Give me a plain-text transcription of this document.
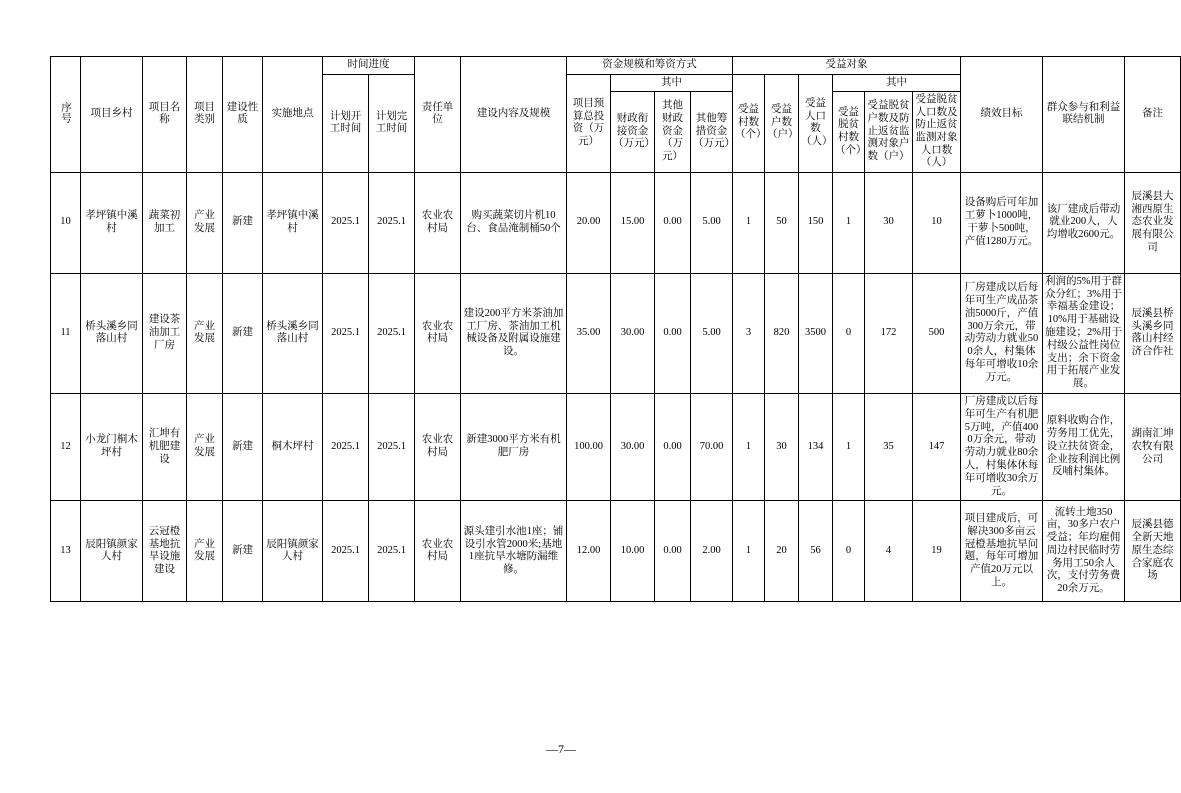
序号	项目乡村	项目名称	项目类别	建设性质	实施地点	时间进度		责任单位	建设内容及规模	资金规模和筹资方式				受益对象						绩效目标	群众参与和利益联结机制	备注
						计划开工时间	计划完工时间			项目预算总投资（万元）	其中			受益村数（个）	受益户数（户）	受益人口数（人）	其中					
											财政衔接资金（万元）	其他财政资金（万元）	其他筹措资金（万元）				受益脱贫村数（个）	受益脱贫户数及防止返贫监测对象户数（户）	受益脱贫人口数及防止返贫监测对象人口数（人）			
10	孝坪镇中溪村	蔬菜初加工	产业发展	新建	孝坪镇中溪村	2025.1	2025.1	农业农村局	购买蔬菜切片机10台、食品淹制桶50个	20.00	15.00	0.00	5.00	1	50	150	1	30	10	设备购后可年加工萝卜1000吨，干萝卜500吨，产值1280万元。	该厂建成后带动就业200人，人均增收2600元。	辰溪县大湘西原生态农业发展有限公司
11	桥头溪乡同落山村	建设茶油加工厂房	产业发展	新建	桥头溪乡同落山村	2025.1	2025.1	农业农村局	建设200平方米茶油加工厂房、茶油加工机械设备及附属设施建设。	35.00	30.00	0.00	5.00	3	820	3500	0	172	500	厂房建成以后每年可生产成品茶油5000斤，产值300万余元，带动劳动力就业500余人，村集体每年可增收10余万元。	利润的5%用于群众分红；3%用于幸福基金建设；10%用于基础设施建设；2%用于村级公益性岗位支出；余下资金用于拓展产业发展。	辰溪县桥头溪乡同落山村经济合作社
12	小龙门桐木坪村	汇坤有机肥建设	产业发展	新建	桐木坪村	2025.1	2025.1	农业农村局	新建3000平方米有机肥厂房	100.00	30.00	0.00	70.00	1	30	134	1	35	147	厂房建成以后每年可生产有机肥5万吨，产值4000万余元，带动劳动力就业80余人，村集体休每年可增收30余万元。	原料收购合作，劳务用工优先，设立扶贫资金，企业按利润比例反哺村集体。	湖南汇坤农牧有限公司
13	辰阳镇颜家人村	云冠橙基地抗旱设施建设	产业发展	新建	辰阳镇颜家人村	2025.1	2025.1	农业农村局	源头建引水池1座；铺设引水管2000米;基地1座抗旱水塘防漏维修。	12.00	10.00	0.00	2.00	1	20	56	0	4	19	项目建成后，可解决300多亩云冠橙基地抗旱问题，每年可增加产值20万元以上。	流转土地350亩，30多户农户受益；年均雇佣周边村民临时劳务用工50余人次，支付劳务费20余万元。	辰溪县德全新天地原生态综合家庭农场
—7—
